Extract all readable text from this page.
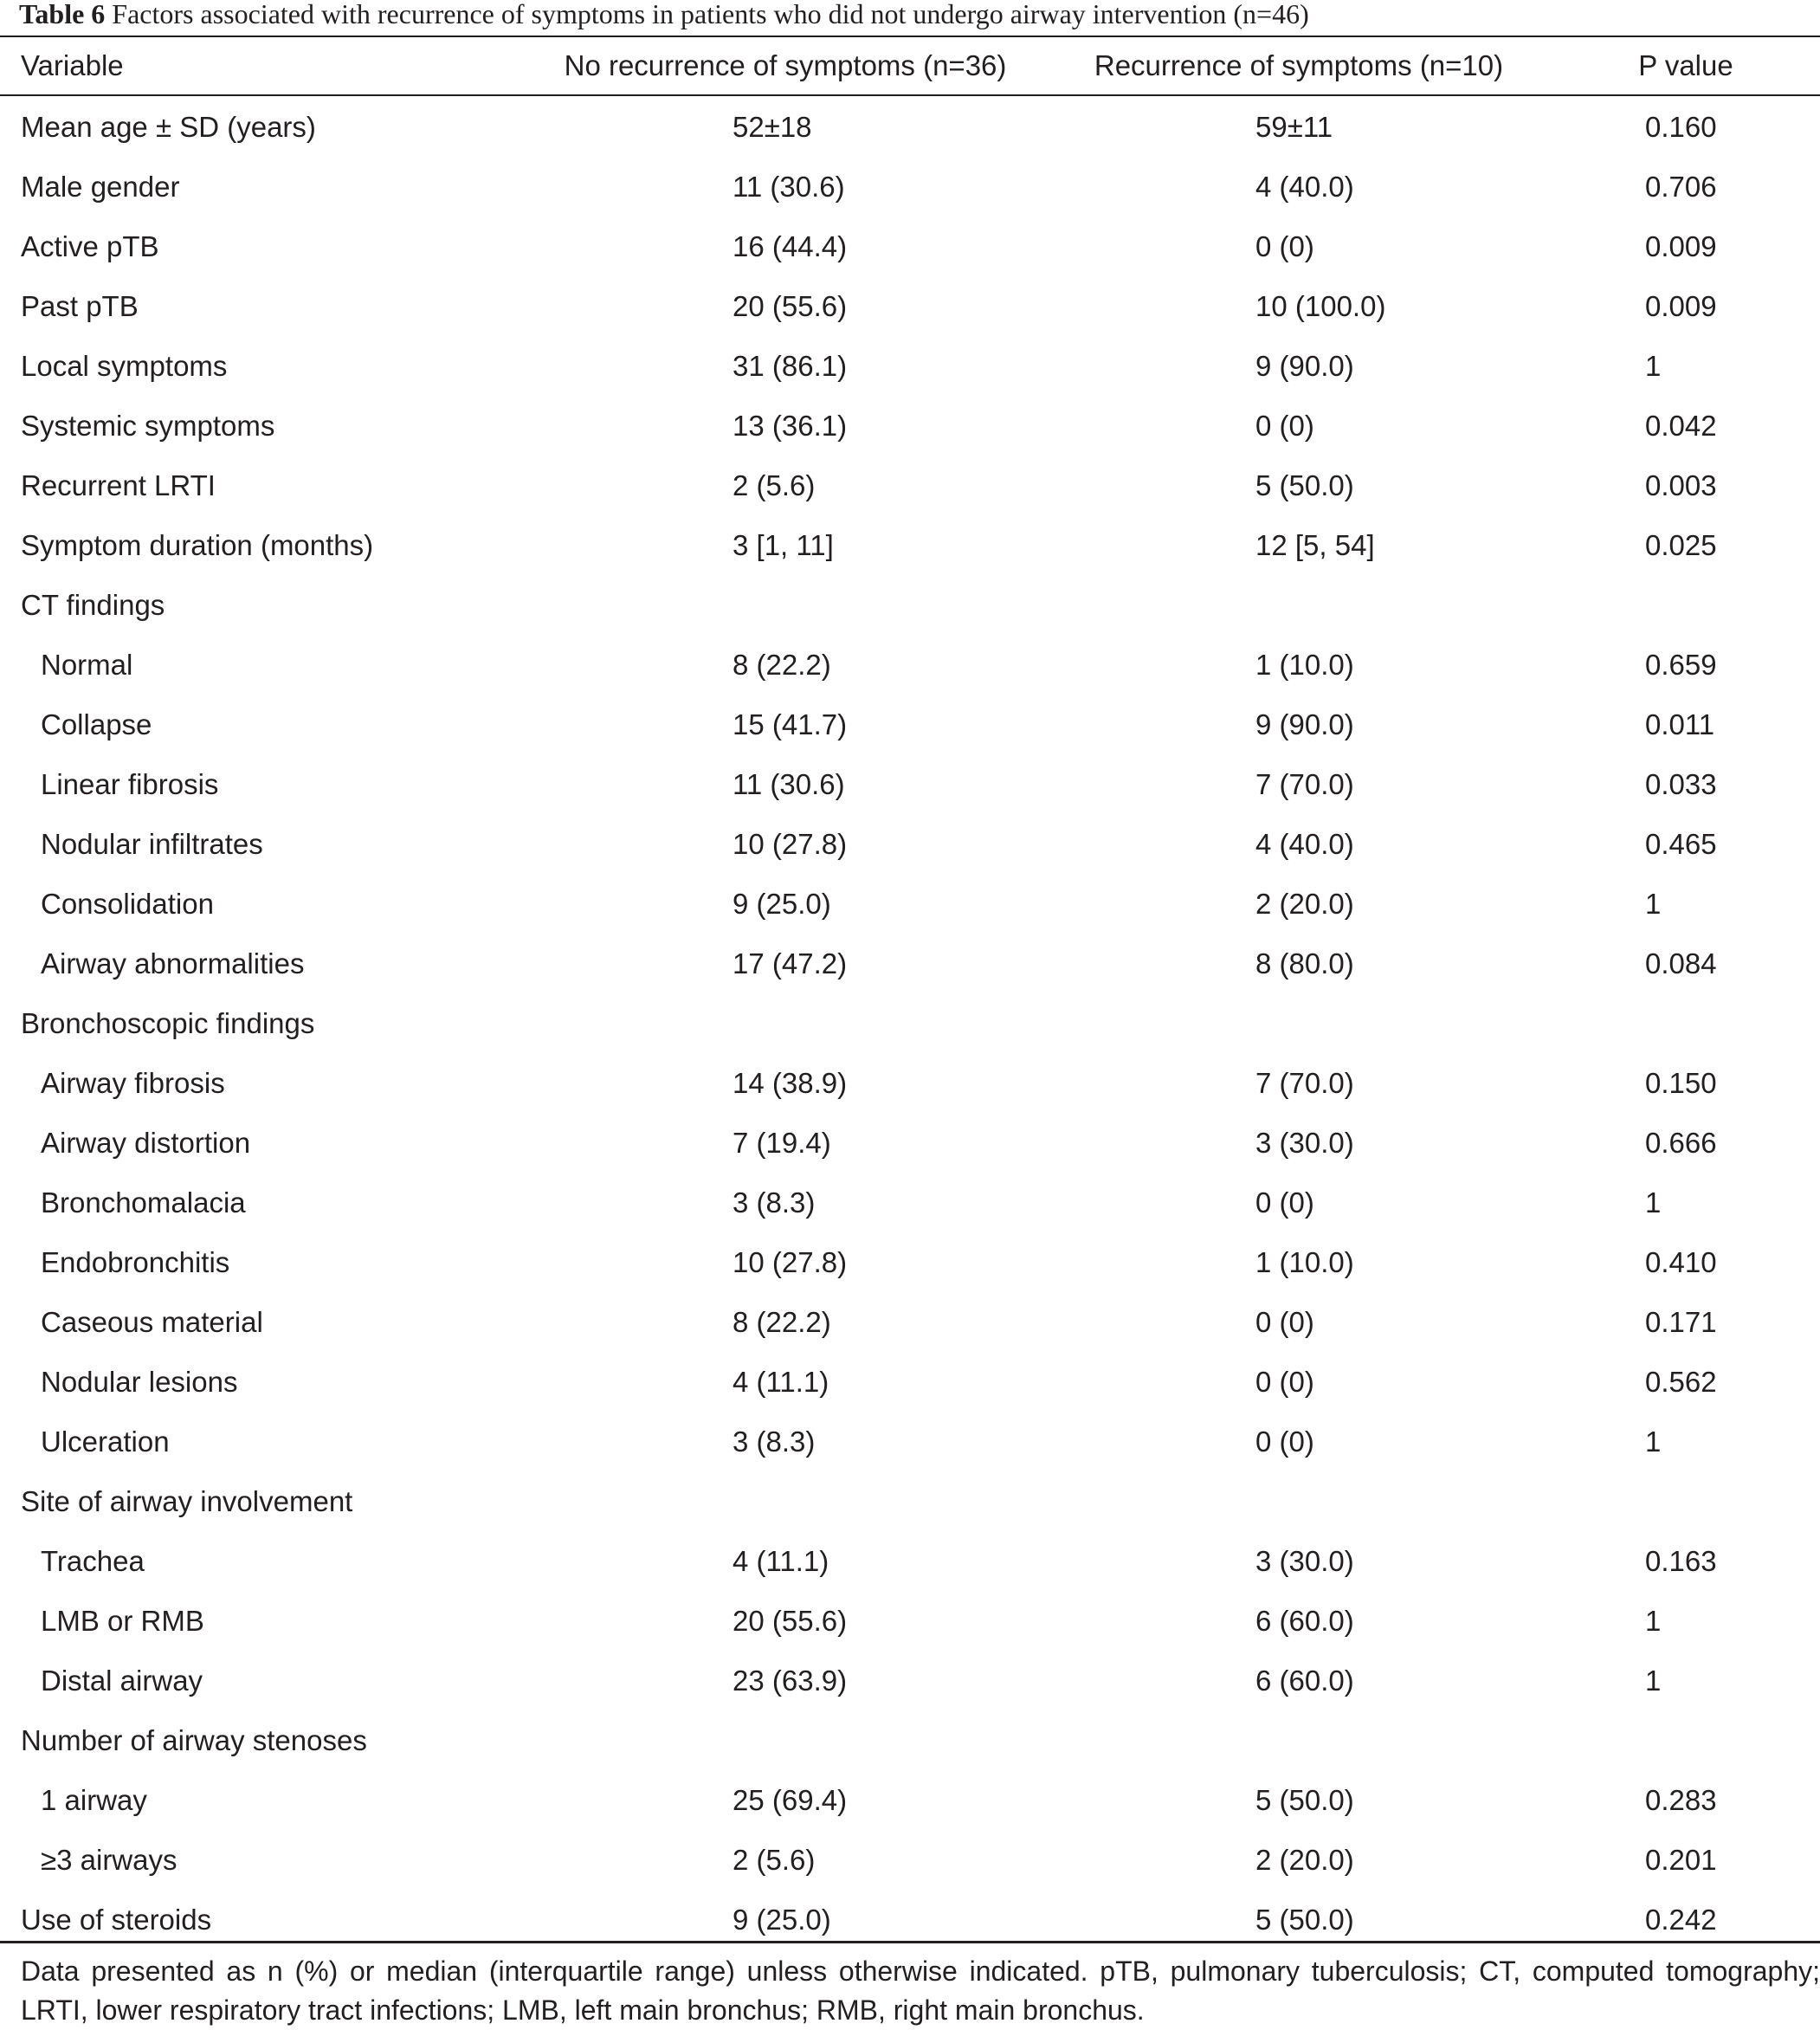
Table 6 Factors associated with recurrence of symptoms in patients who did not undergo airway intervention (n=46)
Variable	No recurrence of symptoms (n=36)	Recurrence of symptoms (n=10)	P value
Mean age ± SD (years)	52±18	59±11	0.160
Male gender	11 (30.6)	4 (40.0)	0.706
Active pTB	16 (44.4)	0 (0)	0.009
Past pTB	20 (55.6)	10 (100.0)	0.009
Local symptoms	31 (86.1)	9 (90.0)	1
Systemic symptoms	13 (36.1)	0 (0)	0.042
Recurrent LRTI	2 (5.6)	5 (50.0)	0.003
Symptom duration (months)	3 [1, 11]	12 [5, 54]	0.025
CT findings
Normal	8 (22.2)	1 (10.0)	0.659
Collapse	15 (41.7)	9 (90.0)	0.011
Linear fibrosis	11 (30.6)	7 (70.0)	0.033
Nodular infiltrates	10 (27.8)	4 (40.0)	0.465
Consolidation	9 (25.0)	2 (20.0)	1
Airway abnormalities	17 (47.2)	8 (80.0)	0.084
Bronchoscopic findings
Airway fibrosis	14 (38.9)	7 (70.0)	0.150
Airway distortion	7 (19.4)	3 (30.0)	0.666
Bronchomalacia	3 (8.3)	0 (0)	1
Endobronchitis	10 (27.8)	1 (10.0)	0.410
Caseous material	8 (22.2)	0 (0)	0.171
Nodular lesions	4 (11.1)	0 (0)	0.562
Ulceration	3 (8.3)	0 (0)	1
Site of airway involvement
Trachea	4 (11.1)	3 (30.0)	0.163
LMB or RMB	20 (55.6)	6 (60.0)	1
Distal airway	23 (63.9)	6 (60.0)	1
Number of airway stenoses
1 airway	25 (69.4)	5 (50.0)	0.283
≥3 airways	2 (5.6)	2 (20.0)	0.201
Use of steroids	9 (25.0)	5 (50.0)	0.242
Data presented as n (%) or median (interquartile range) unless otherwise indicated. pTB, pulmonary tuberculosis; CT, computed tomography; LRTI, lower respiratory tract infections; LMB, left main bronchus; RMB, right main bronchus.
